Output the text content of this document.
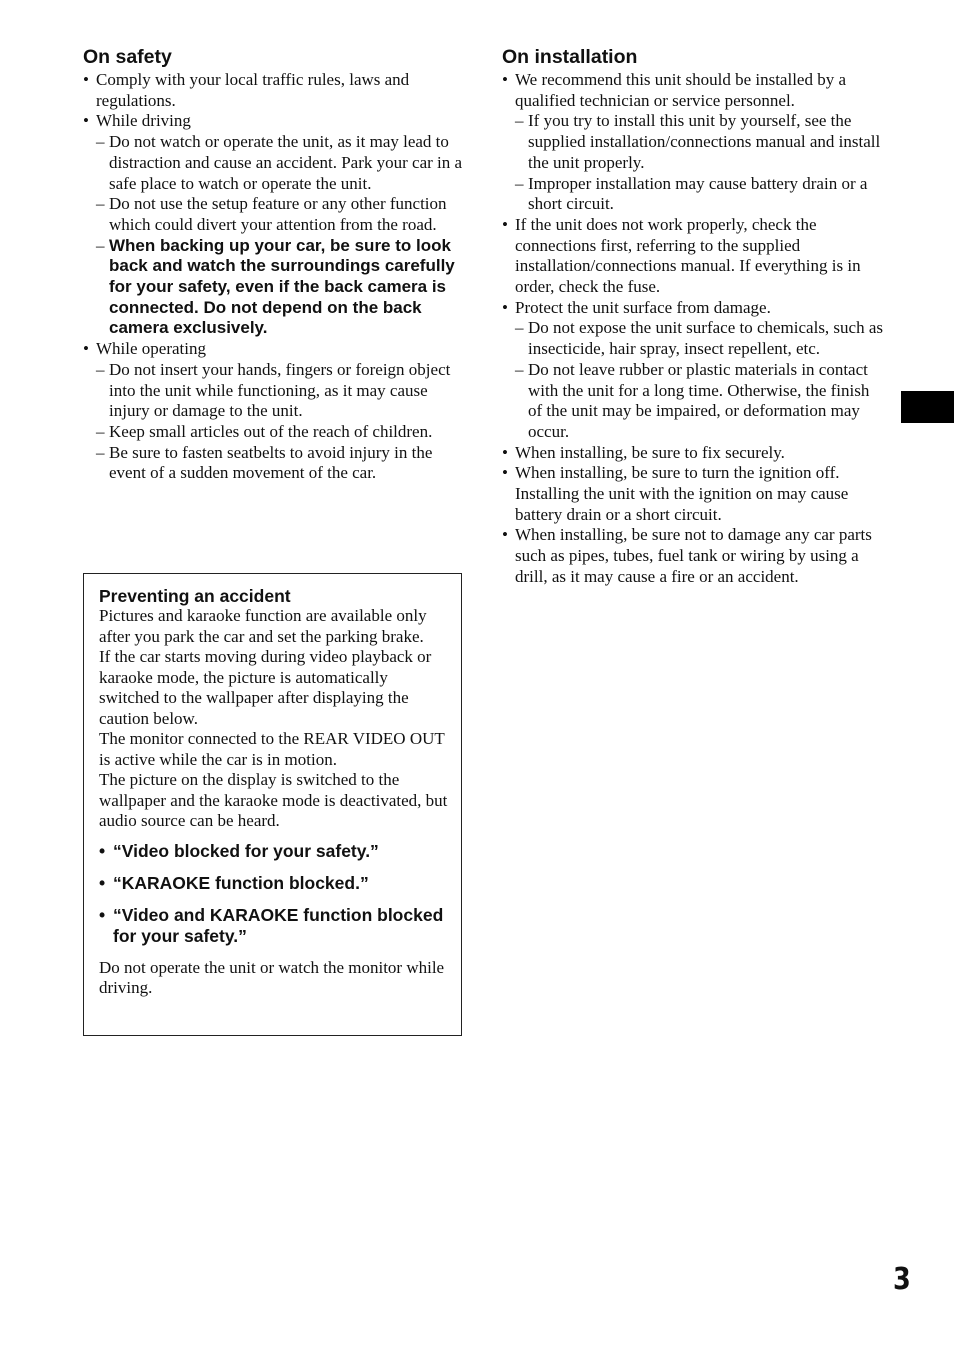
On safety
• Comply with your local traffic rules, laws and regulations.
• While driving
– Do not watch or operate the unit, as it may lead to distraction and cause an accident. Park your car in a safe place to watch or operate the unit.
– Do not use the setup feature or any other function which could divert your attention from the road.
– When backing up your car, be sure to look back and watch the surroundings carefully for your safety, even if the back camera is connected. Do not depend on the back camera exclusively.
• While operating
– Do not insert your hands, fingers or foreign object into the unit while functioning, as it may cause injury or damage to the unit.
– Keep small articles out of the reach of children.
– Be sure to fasten seatbelts to avoid injury in the event of a sudden movement of the car.
Preventing an accident
Pictures and karaoke function are available only after you park the car and set the parking brake.
If the car starts moving during video playback or karaoke mode, the picture is automatically switched to the wallpaper after displaying the caution below.
The monitor connected to the REAR VIDEO OUT is active while the car is in motion.
The picture on the display is switched to the wallpaper and the karaoke mode is deactivated, but audio source can be heard.
• “Video blocked for your safety.”
• “KARAOKE function blocked.”
• “Video and KARAOKE function blocked for your safety.”
Do not operate the unit or watch the monitor while driving.
On installation
• We recommend this unit should be installed by a qualified technician or service personnel.
– If you try to install this unit by yourself, see the supplied installation/connections manual and install the unit properly.
– Improper installation may cause battery drain or a short circuit.
• If the unit does not work properly, check the connections first, referring to the supplied installation/connections manual. If everything is in order, check the fuse.
• Protect the unit surface from damage.
– Do not expose the unit surface to chemicals, such as insecticide, hair spray, insect repellent, etc.
– Do not leave rubber or plastic materials in contact with the unit for a long time. Otherwise, the finish of the unit may be impaired, or deformation may occur.
• When installing, be sure to fix securely.
• When installing, be sure to turn the ignition off. Installing the unit with the ignition on may cause battery drain or a short circuit.
• When installing, be sure not to damage any car parts such as pipes, tubes, fuel tank or wiring by using a drill, as it may cause a fire or an accident.
3
